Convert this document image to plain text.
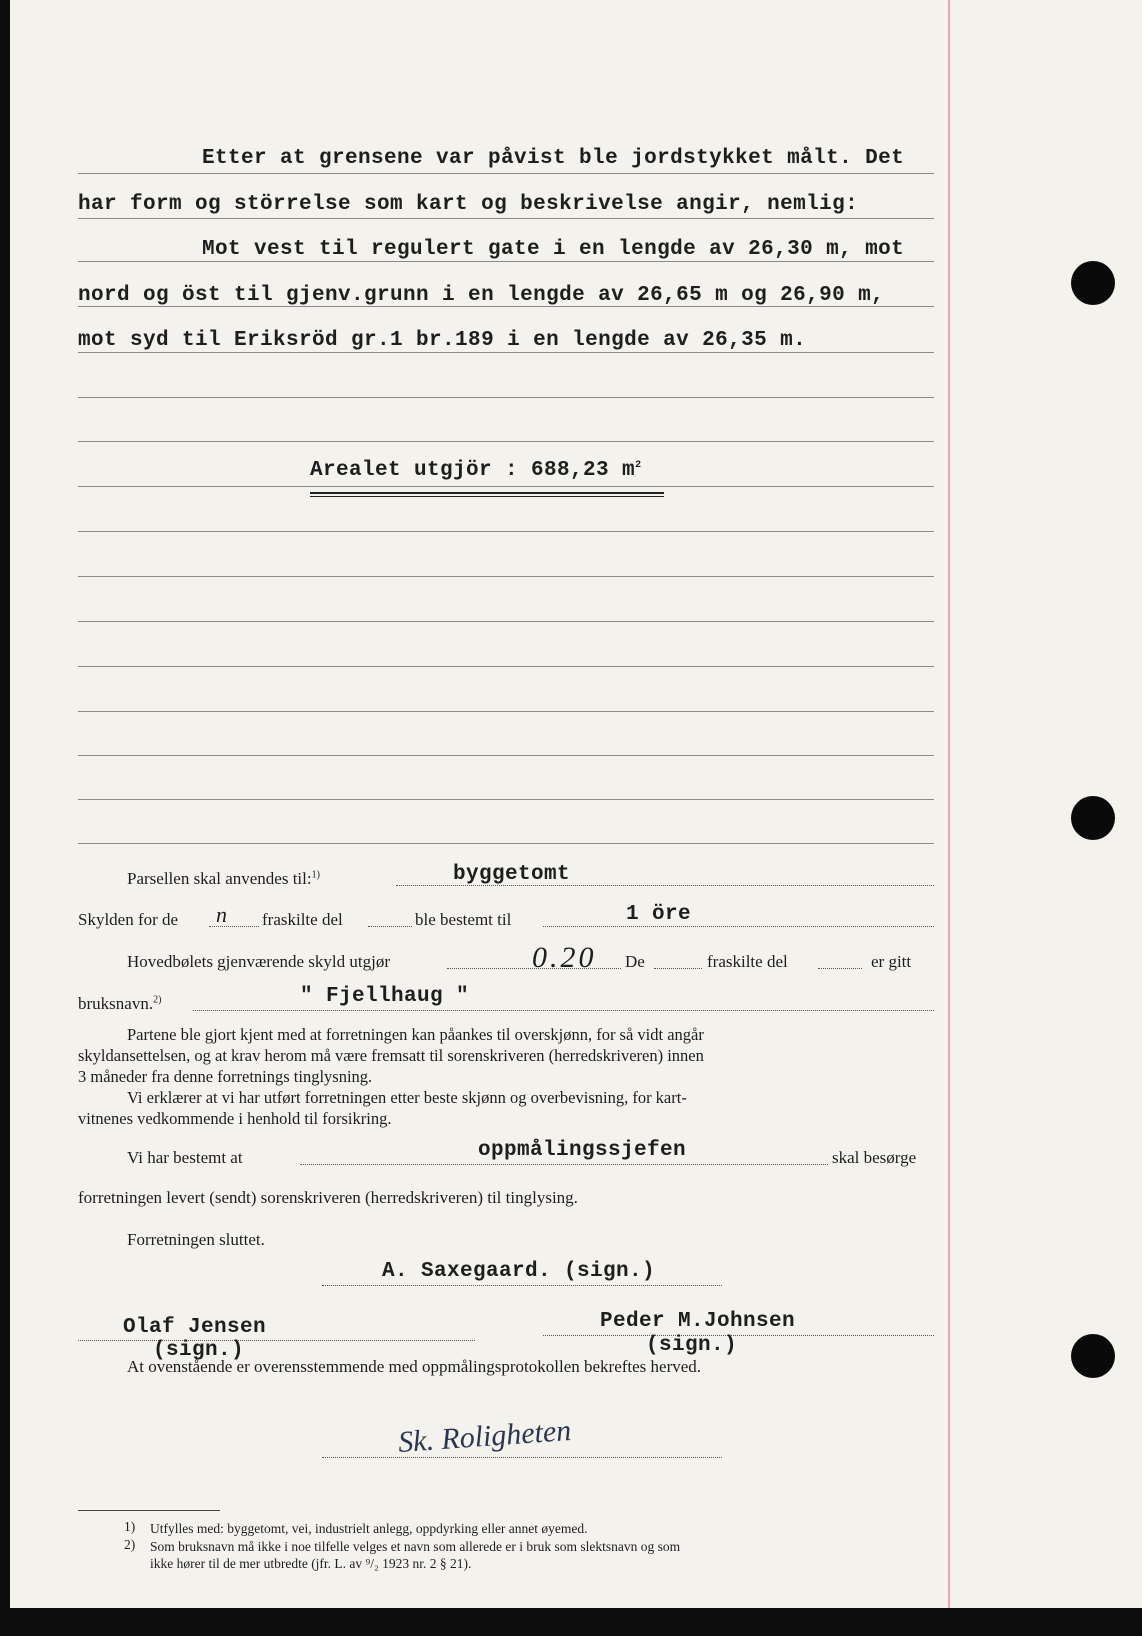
Etter at grensene var påvist ble jordstykket målt. Det
har form og störrelse som kart og beskrivelse angir, nemlig:
Mot vest til regulert gate i en lengde av 26,30 m, mot
nord og öst til gjenv.grunn i en lengde av 26,65 m og 26,90 m,
mot syd til Eriksröd gr.1 br.189 i en lengde av 26,35 m.
Arealet utgjör : 688,23 $m^2$
Parsellen skal anvendes til:$^{1)}$	byggetomt
Skylden for de n fraskilte del	ble bestemt til	1 öre
Hovedbølets gjenværende skyld utgjør	0.20 De	fraskilte del	er gitt
bruksnavn.$^{2)}$	" Fjellhaug "
Partene ble gjort kjent med at forretningen kan påankes til overskjønn, for så vidt angår
skyldansettelsen, og at krav herom må være fremsatt til sorenskriveren (herredskriveren) innen
3 måneder fra denne forretnings tinglysning.
Vi erklærer at vi har utført forretningen etter beste skjønn og overbevisning, for kart-
vitnenes vedkommende i henhold til forsikring.
Vi har bestemt at	oppmålingssjefen	skal besørge
forretningen levert (sendt) sorenskriveren (herredskriveren) til tinglysing.
Forretningen sluttet.
A. Saxegaard. (sign.)
Olaf Jensen
(sign.)
Peder M.Johnsen
(sign.)
At ovenstående er overensstemmende med oppmålingsprotokollen bekreftes herved.
Sk. Roligheten
1) Utfylles med: byggetomt, vei, industrielt anlegg, oppdyrking eller annet øyemed.
2) Som bruksnavn må ikke i noe tilfelle velges et navn som allerede er i bruk som slektsnavn og som
ikke hører til de mer utbredte (jfr. L. av ⁹/₂ 1923 nr. 2 § 21).
